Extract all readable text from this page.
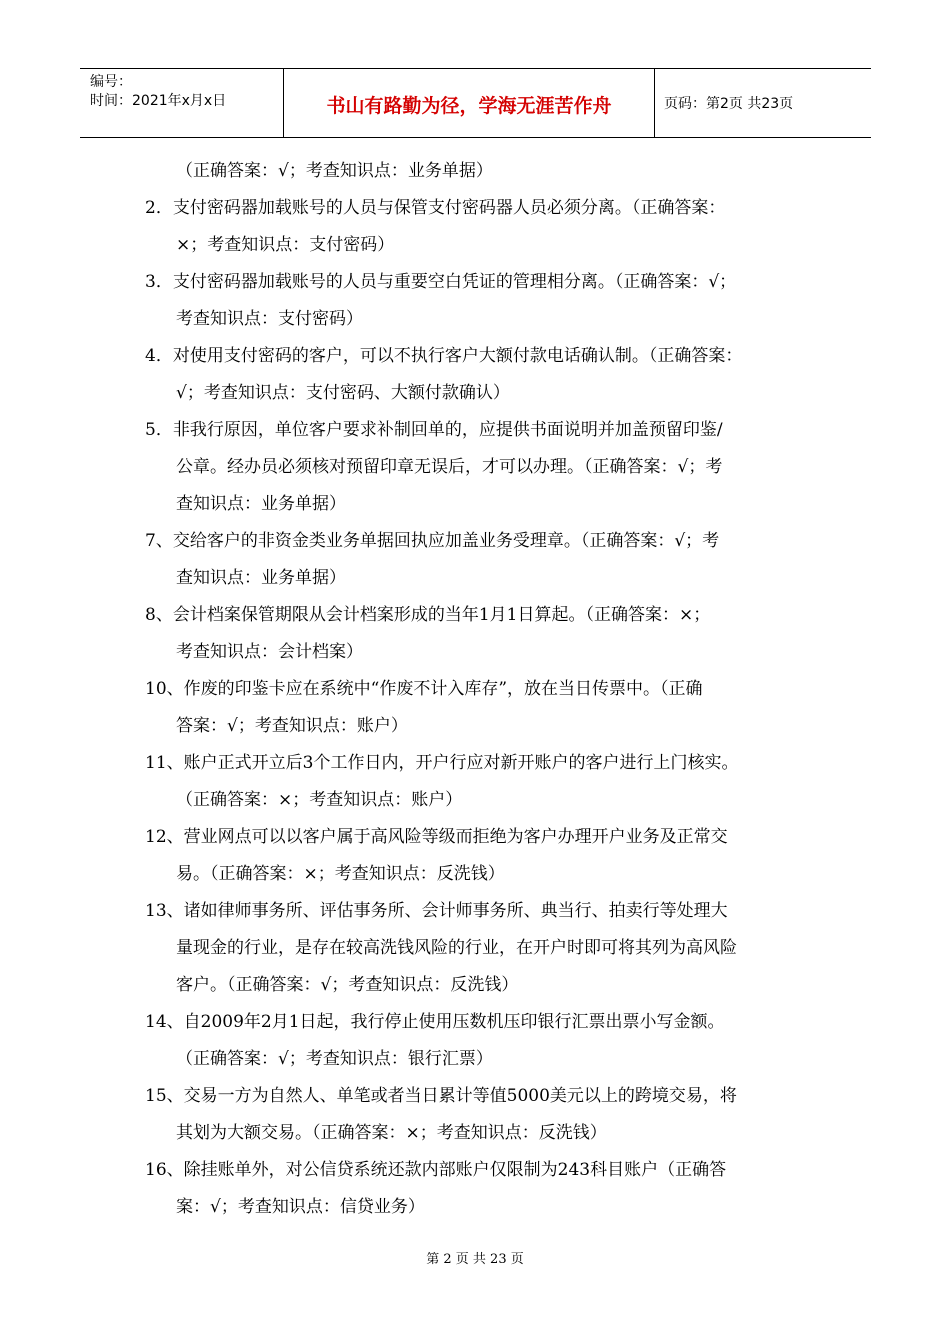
编号：
时间：2021年x月x日	书山有路勤为径，学海无涯苦作舟	页码：第2页 共23页
（正确答案：√；考查知识点：业务单据）
2．支付密码器加载账号的人员与保管支付密码器人员必须分离。（正确答案：
×；考查知识点：支付密码）
3．支付密码器加载账号的人员与重要空白凭证的管理相分离。（正确答案：√；
考查知识点：支付密码）
4．对使用支付密码的客户，可以不执行客户大额付款电话确认制。（正确答案：
√；考查知识点：支付密码、大额付款确认）
5．非我行原因，单位客户要求补制回单的，应提供书面说明并加盖预留印鉴/
公章。经办员必须核对预留印章无误后，才可以办理。（正确答案：√；考
查知识点：业务单据）
7、交给客户的非资金类业务单据回执应加盖业务受理章。（正确答案：√；考
查知识点：业务单据）
8、会计档案保管期限从会计档案形成的当年1月1日算起。（正确答案：×；
考查知识点：会计档案）
10、作废的印鉴卡应在系统中“作废不计入库存”，放在当日传票中。（正确
答案：√；考查知识点：账户）
11、账户正式开立后3个工作日内，开户行应对新开账户的客户进行上门核实。
（正确答案：×；考查知识点：账户）
12、营业网点可以以客户属于高风险等级而拒绝为客户办理开户业务及正常交
易。（正确答案：×；考查知识点：反洗钱）
13、诸如律师事务所、评估事务所、会计师事务所、典当行、拍卖行等处理大
量现金的行业，是存在较高洗钱风险的行业，在开户时即可将其列为高风险
客户。（正确答案：√；考查知识点：反洗钱）
14、自2009年2月1日起，我行停止使用压数机压印银行汇票出票小写金额。
（正确答案：√；考查知识点：银行汇票）
15、交易一方为自然人、单笔或者当日累计等值5000美元以上的跨境交易，将
其划为大额交易。（正确答案：×；考查知识点：反洗钱）
16、除挂账单外，对公信贷系统还款内部账户仅限制为243科目账户（正确答
案：√；考查知识点：信贷业务）
第 2 页 共 23 页
